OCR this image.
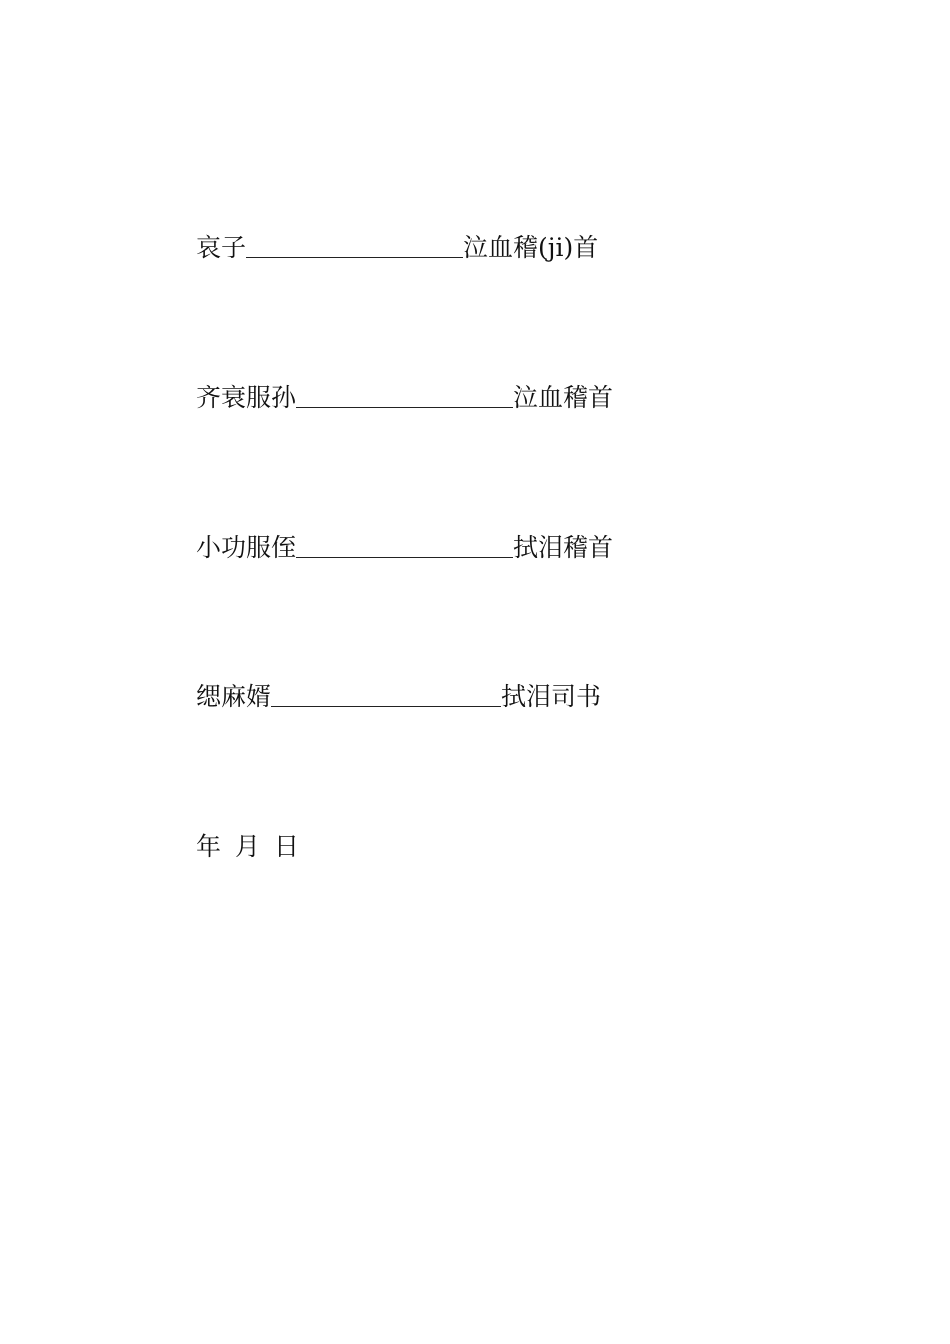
哀子	泣血稽(ji)首
齐衰服孙	泣血稽首
小功服侄	拭泪稽首
缌麻婿	拭泪司书
年 月 日
